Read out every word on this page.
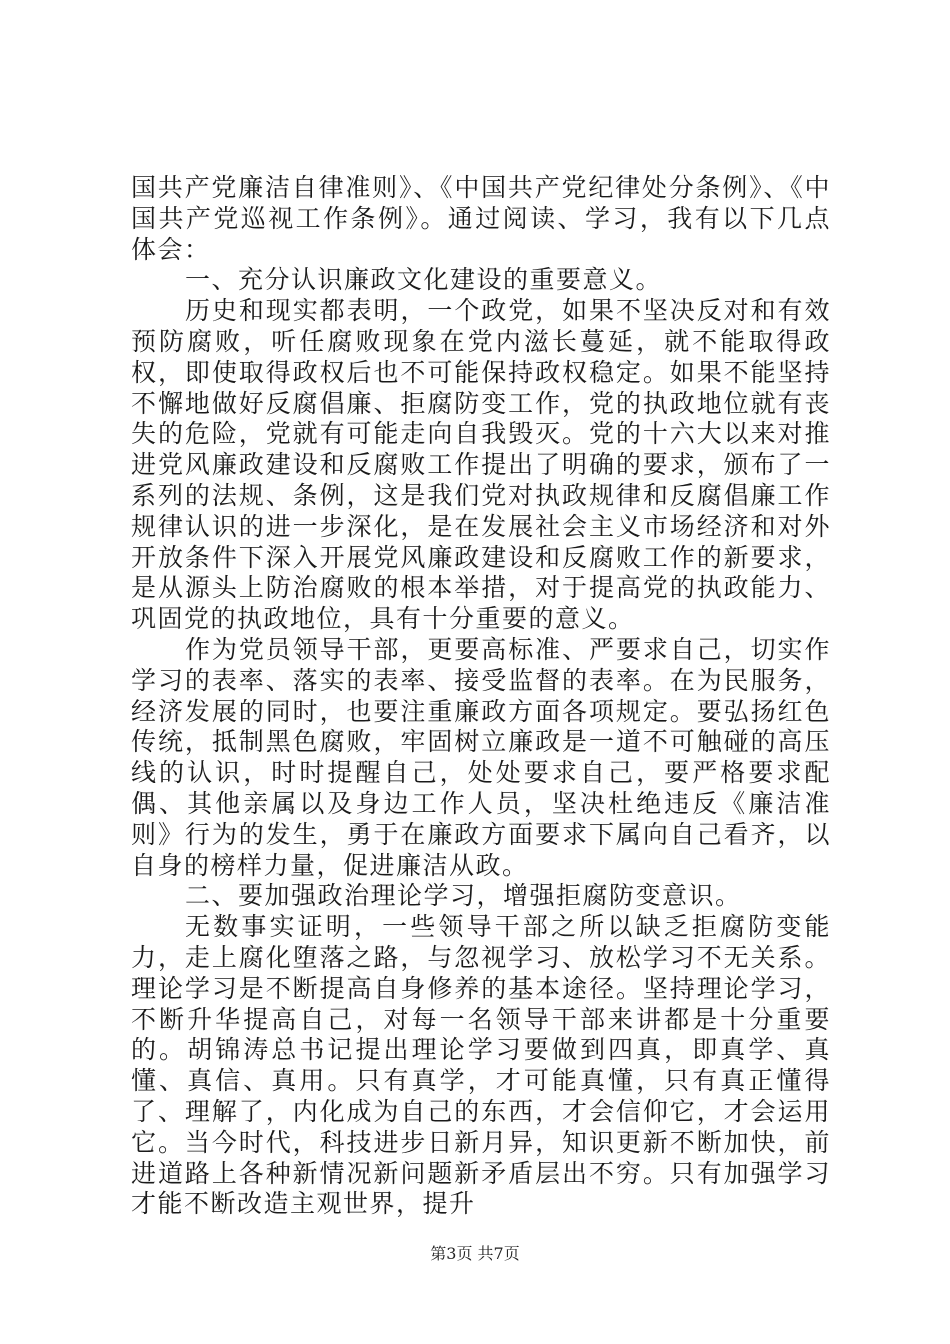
国共产党廉洁自律准则》、《中国共产党纪律处分条例》、《中国共产党巡视工作条例》。通过阅读、学习，我有以下几点体会：

一、充分认识廉政文化建设的重要意义。

历史和现实都表明，一个政党，如果不坚决反对和有效预防腐败，听任腐败现象在党内滋长蔓延，就不能取得政权，即使取得政权后也不可能保持政权稳定。如果不能坚持不懈地做好反腐倡廉、拒腐防变工作，党的执政地位就有丧失的危险，党就有可能走向自我毁灭。党的十六大以来对推进党风廉政建设和反腐败工作提出了明确的要求，颁布了一系列的法规、条例，这是我们党对执政规律和反腐倡廉工作规律认识的进一步深化，是在发展社会主义市场经济和对外开放条件下深入开展党风廉政建设和反腐败工作的新要求，是从源头上防治腐败的根本举措，对于提高党的执政能力、巩固党的执政地位，具有十分重要的意义。

作为党员领导干部，更要高标准、严要求自己，切实作学习的表率、落实的表率、接受监督的表率。在为民服务，经济发展的同时，也要注重廉政方面各项规定。要弘扬红色传统，抵制黑色腐败，牢固树立廉政是一道不可触碰的高压线的认识，时时提醒自己，处处要求自己，要严格要求配偶、其他亲属以及身边工作人员，坚决杜绝违反《廉洁准则》行为的发生，勇于在廉政方面要求下属向自己看齐，以自身的榜样力量，促进廉洁从政。

二、要加强政治理论学习，增强拒腐防变意识。

无数事实证明，一些领导干部之所以缺乏拒腐防变能力，走上腐化堕落之路，与忽视学习、放松学习不无关系。理论学习是不断提高自身修养的基本途径。坚持理论学习，不断升华提高自己，对每一名领导干部来讲都是十分重要的。胡锦涛总书记提出理论学习要做到四真，即真学、真懂、真信、真用。只有真学，才可能真懂，只有真正懂得了、理解了，内化成为自己的东西，才会信仰它，才会运用它。当今时代，科技进步日新月异，知识更新不断加快，前进道路上各种新情况新问题新矛盾层出不穷。只有加强学习才能不断改造主观世界，提升

第3页 共7页
